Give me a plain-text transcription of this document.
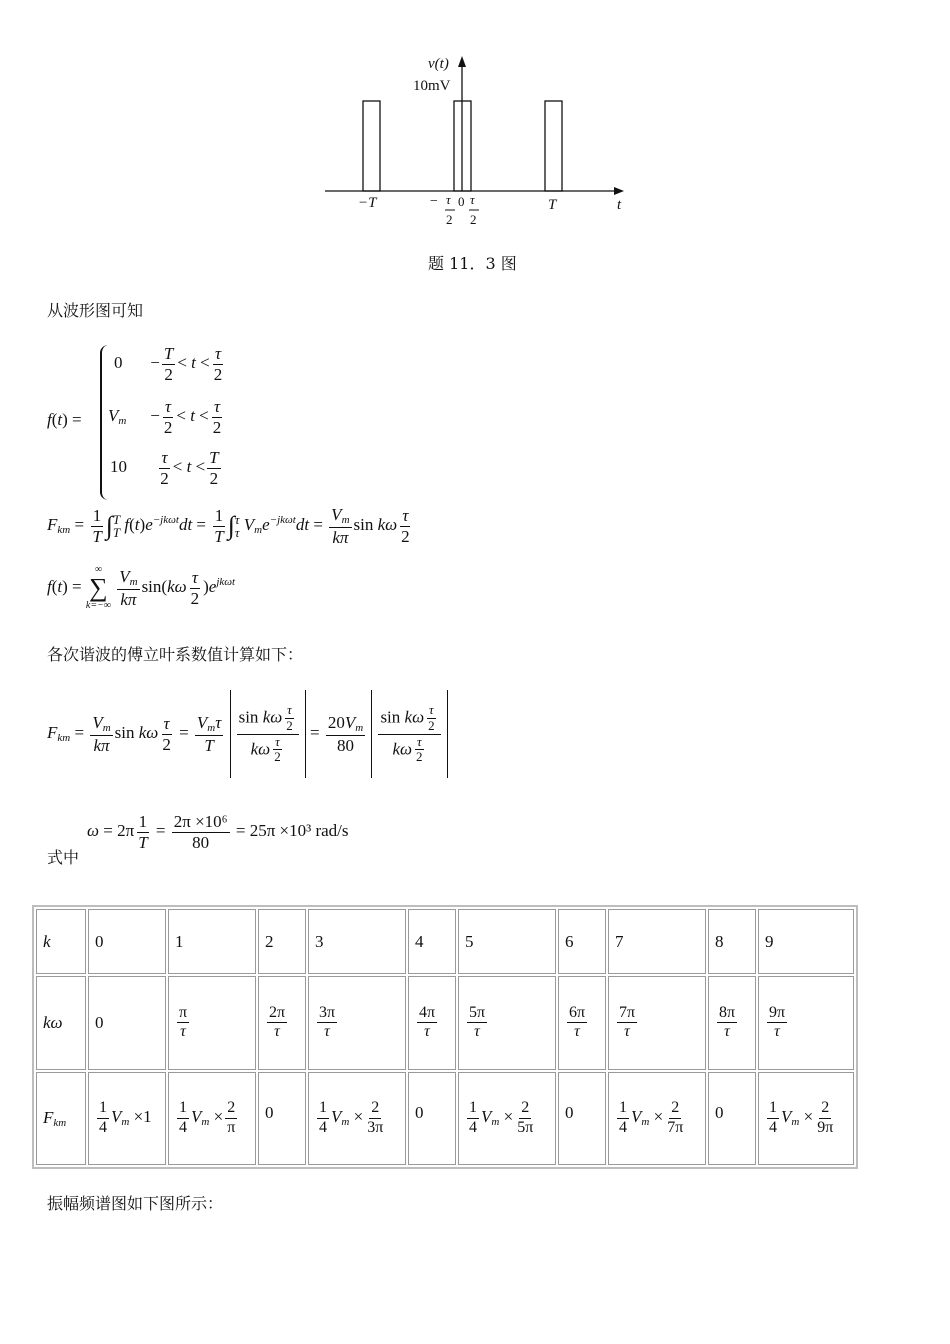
v(t)
10mV
t
−T	T
− τ
2
0 τ
2
题 11．3 图
从波形图可知
f(t) =
$0 - \frac{T}{2} < t < \frac{\tau}{2}$
$V_m - \frac{\tau}{2} < t < \frac{\tau}{2}$
$10 \frac{\tau}{2} < t < \frac{T}{2}$
$F_{km} = \frac{1}{T}$ ∫ T
T $f(t)e^{-jk\omega t}dt = \frac{1}{T}$ ∫ τ
τ $V_me^{-jk\omega t}dt = \frac{V_m}{k\pi}$ sin kω $\frac{\tau}{2}$
f(t) =
∞
∑
k=−∞
$\frac{V_m}{k\pi} \sin(k\omega \frac{\tau}{2} )e^{jk\omega t}$
各次谐波的傅立叶系数值计算如下：
$F_{km} = \frac{V_m}{k\pi}$ sin kω $\frac{\tau}{2} = \frac{V_m\tau}{T}$
$\frac{\sin k\omega \frac{\tau}{2}}{k\omega \frac{\tau}{2}} = \frac{20V_m}{80}$
$\frac{\sin k\omega \frac{\tau}{2}}{k\omega \frac{\tau}{2}}$
式中
$\omega = 2\pi \frac{1}{T} = \frac{\text{2π ×10⁶}}{80} = 25\pi \times 10^3$ rad/s
k	0	1	2	3	4	5	6	7	8	9
kω	0	$\frac{\pi}{\tau}$	$\frac{2\pi}{\tau}$	$\frac{3\pi}{\tau}$	$\frac{4\pi}{\tau}$	$\frac{5\pi}{\tau}$	$\frac{6\pi}{\tau}$	$\frac{7\pi}{\tau}$	$\frac{8\pi}{\tau}$	$\frac{9\pi}{\tau}$

$F_{km}$	$\frac{1}{4} V_m \times 1$	$\frac{1}{4} V_m \times \frac{2}{\pi}$	0	$\frac{1}{4} V_m \times \frac{2}{3\pi}$	0	$\frac{1}{4} V_m \times \frac{2}{5\pi}$	0	$\frac{1}{4} V_m \times \frac{2}{7\pi}$	0	$\frac{1}{4} V_m \times \frac{2}{9\pi}$
振幅频谱图如下图所示：
